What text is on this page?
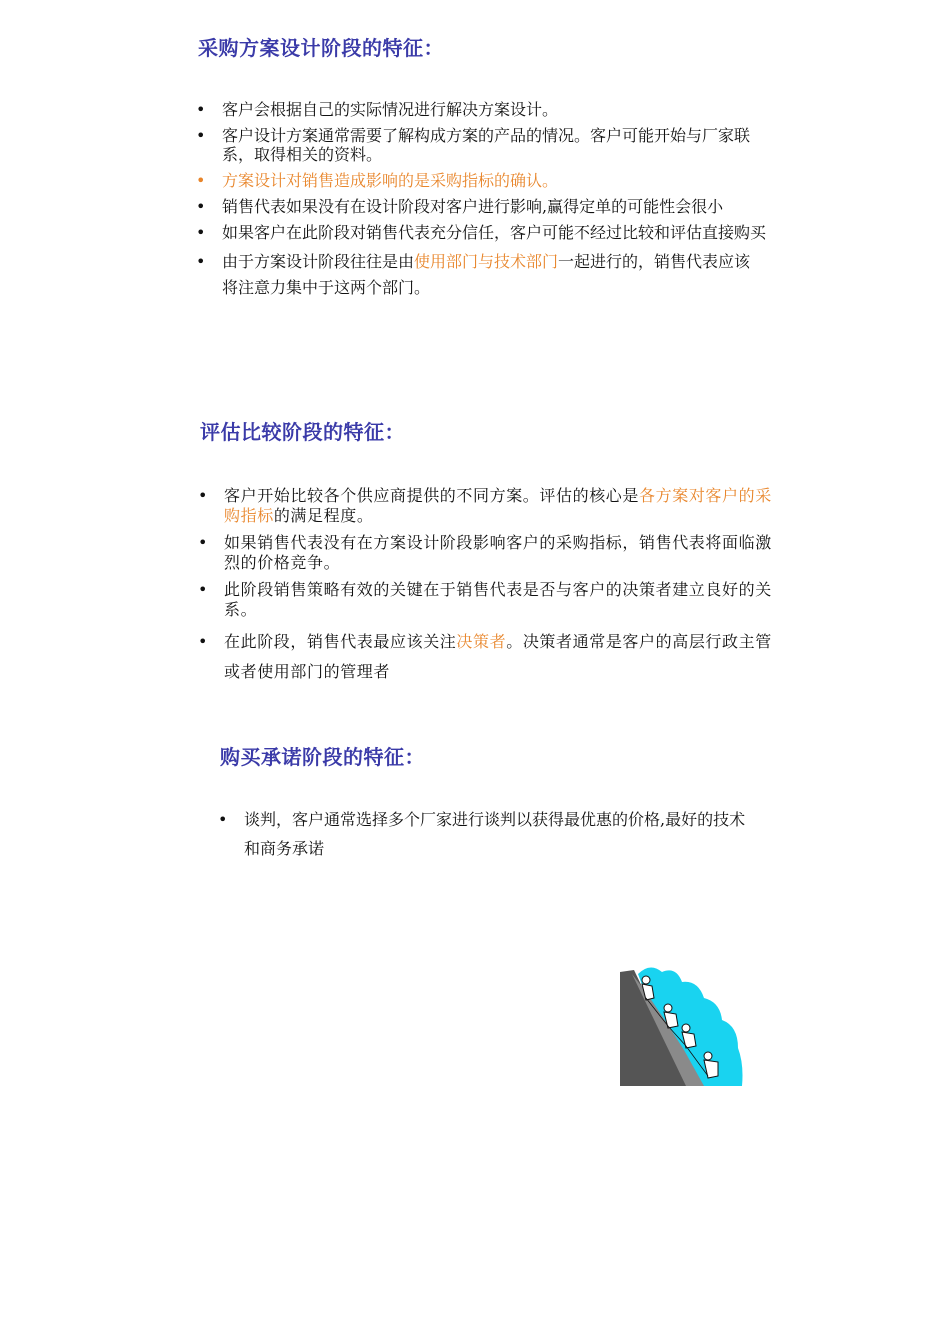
采购方案设计阶段的特征：
• 客户会根据自己的实际情况进行解决方案设计。
• 客户设计方案通常需要了解构成方案的产品的情况。客户可能开始与厂家联系，取得相关的资料。
• 方案设计对销售造成影响的是采购指标的确认。
• 销售代表如果没有在设计阶段对客户进行影响,赢得定单的可能性会很小
• 如果客户在此阶段对销售代表充分信任，客户可能不经过比较和评估直接购买
• 由于方案设计阶段往往是由使用部门与技术部门一起进行的，销售代表应该将注意力集中于这两个部门。
评估比较阶段的特征：
• 客户开始比较各个供应商提供的不同方案。评估的核心是各方案对客户的采购指标的满足程度。
• 如果销售代表没有在方案设计阶段影响客户的采购指标，销售代表将面临激烈的价格竞争。
• 此阶段销售策略有效的关键在于销售代表是否与客户的决策者建立良好的关系。
• 在此阶段，销售代表最应该关注决策者。决策者通常是客户的高层行政主管或者使用部门的管理者
购买承诺阶段的特征：
• 谈判，客户通常选择多个厂家进行谈判以获得最优惠的价格,最好的技术和商务承诺
